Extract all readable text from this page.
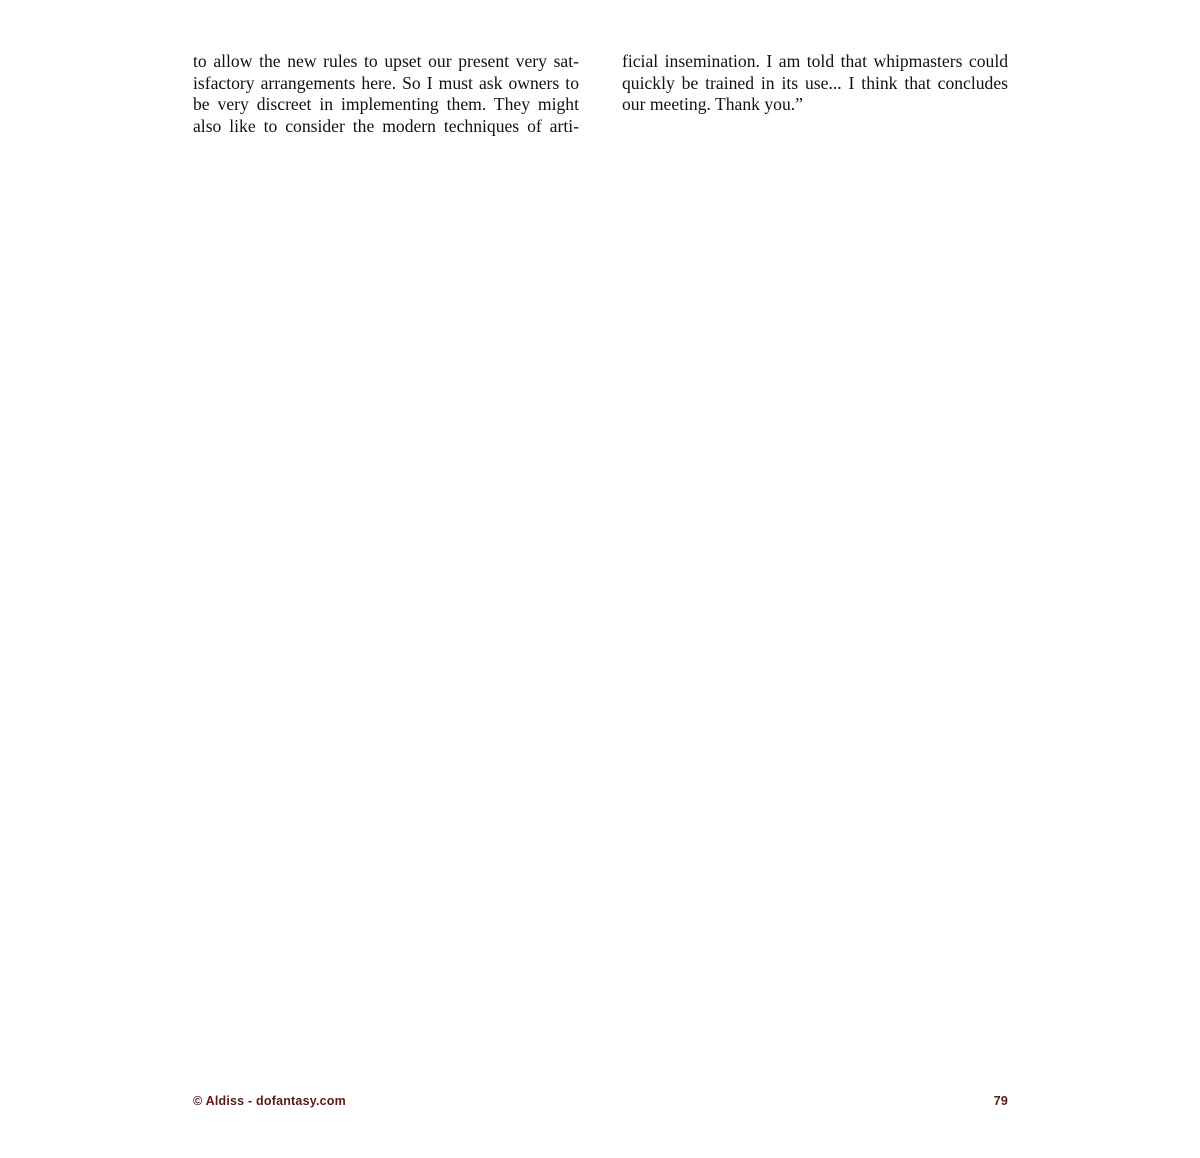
to allow the new rules to upset our present very sat-
isfactory arrangements here. So I must ask owners to
be very discreet in implementing them. They might
also like to consider the modern techniques of arti-
ficial insemination. I am told that whipmasters could
quickly be trained in its use... I think that concludes
our meeting. Thank you.”
© Aldiss - dofantasy.com	79
